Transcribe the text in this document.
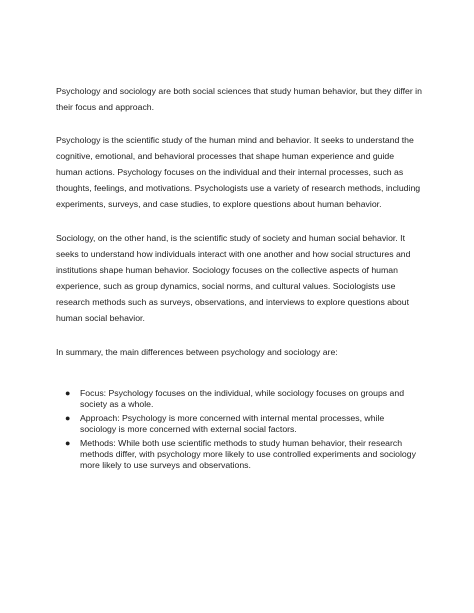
Psychology and sociology are both social sciences that study human behavior, but they differ in their focus and approach.

Psychology is the scientific study of the human mind and behavior. It seeks to understand the cognitive, emotional, and behavioral processes that shape human experience and guide human actions. Psychology focuses on the individual and their internal processes, such as thoughts, feelings, and motivations. Psychologists use a variety of research methods, including experiments, surveys, and case studies, to explore questions about human behavior.

Sociology, on the other hand, is the scientific study of society and human social behavior. It seeks to understand how individuals interact with one another and how social structures and institutions shape human behavior. Sociology focuses on the collective aspects of human experience, such as group dynamics, social norms, and cultural values. Sociologists use research methods such as surveys, observations, and interviews to explore questions about human social behavior.

In summary, the main differences between psychology and sociology are:

● Focus: Psychology focuses on the individual, while sociology focuses on groups and society as a whole.
● Approach: Psychology is more concerned with internal mental processes, while sociology is more concerned with external social factors.
● Methods: While both use scientific methods to study human behavior, their research methods differ, with psychology more likely to use controlled experiments and sociology more likely to use surveys and observations.
